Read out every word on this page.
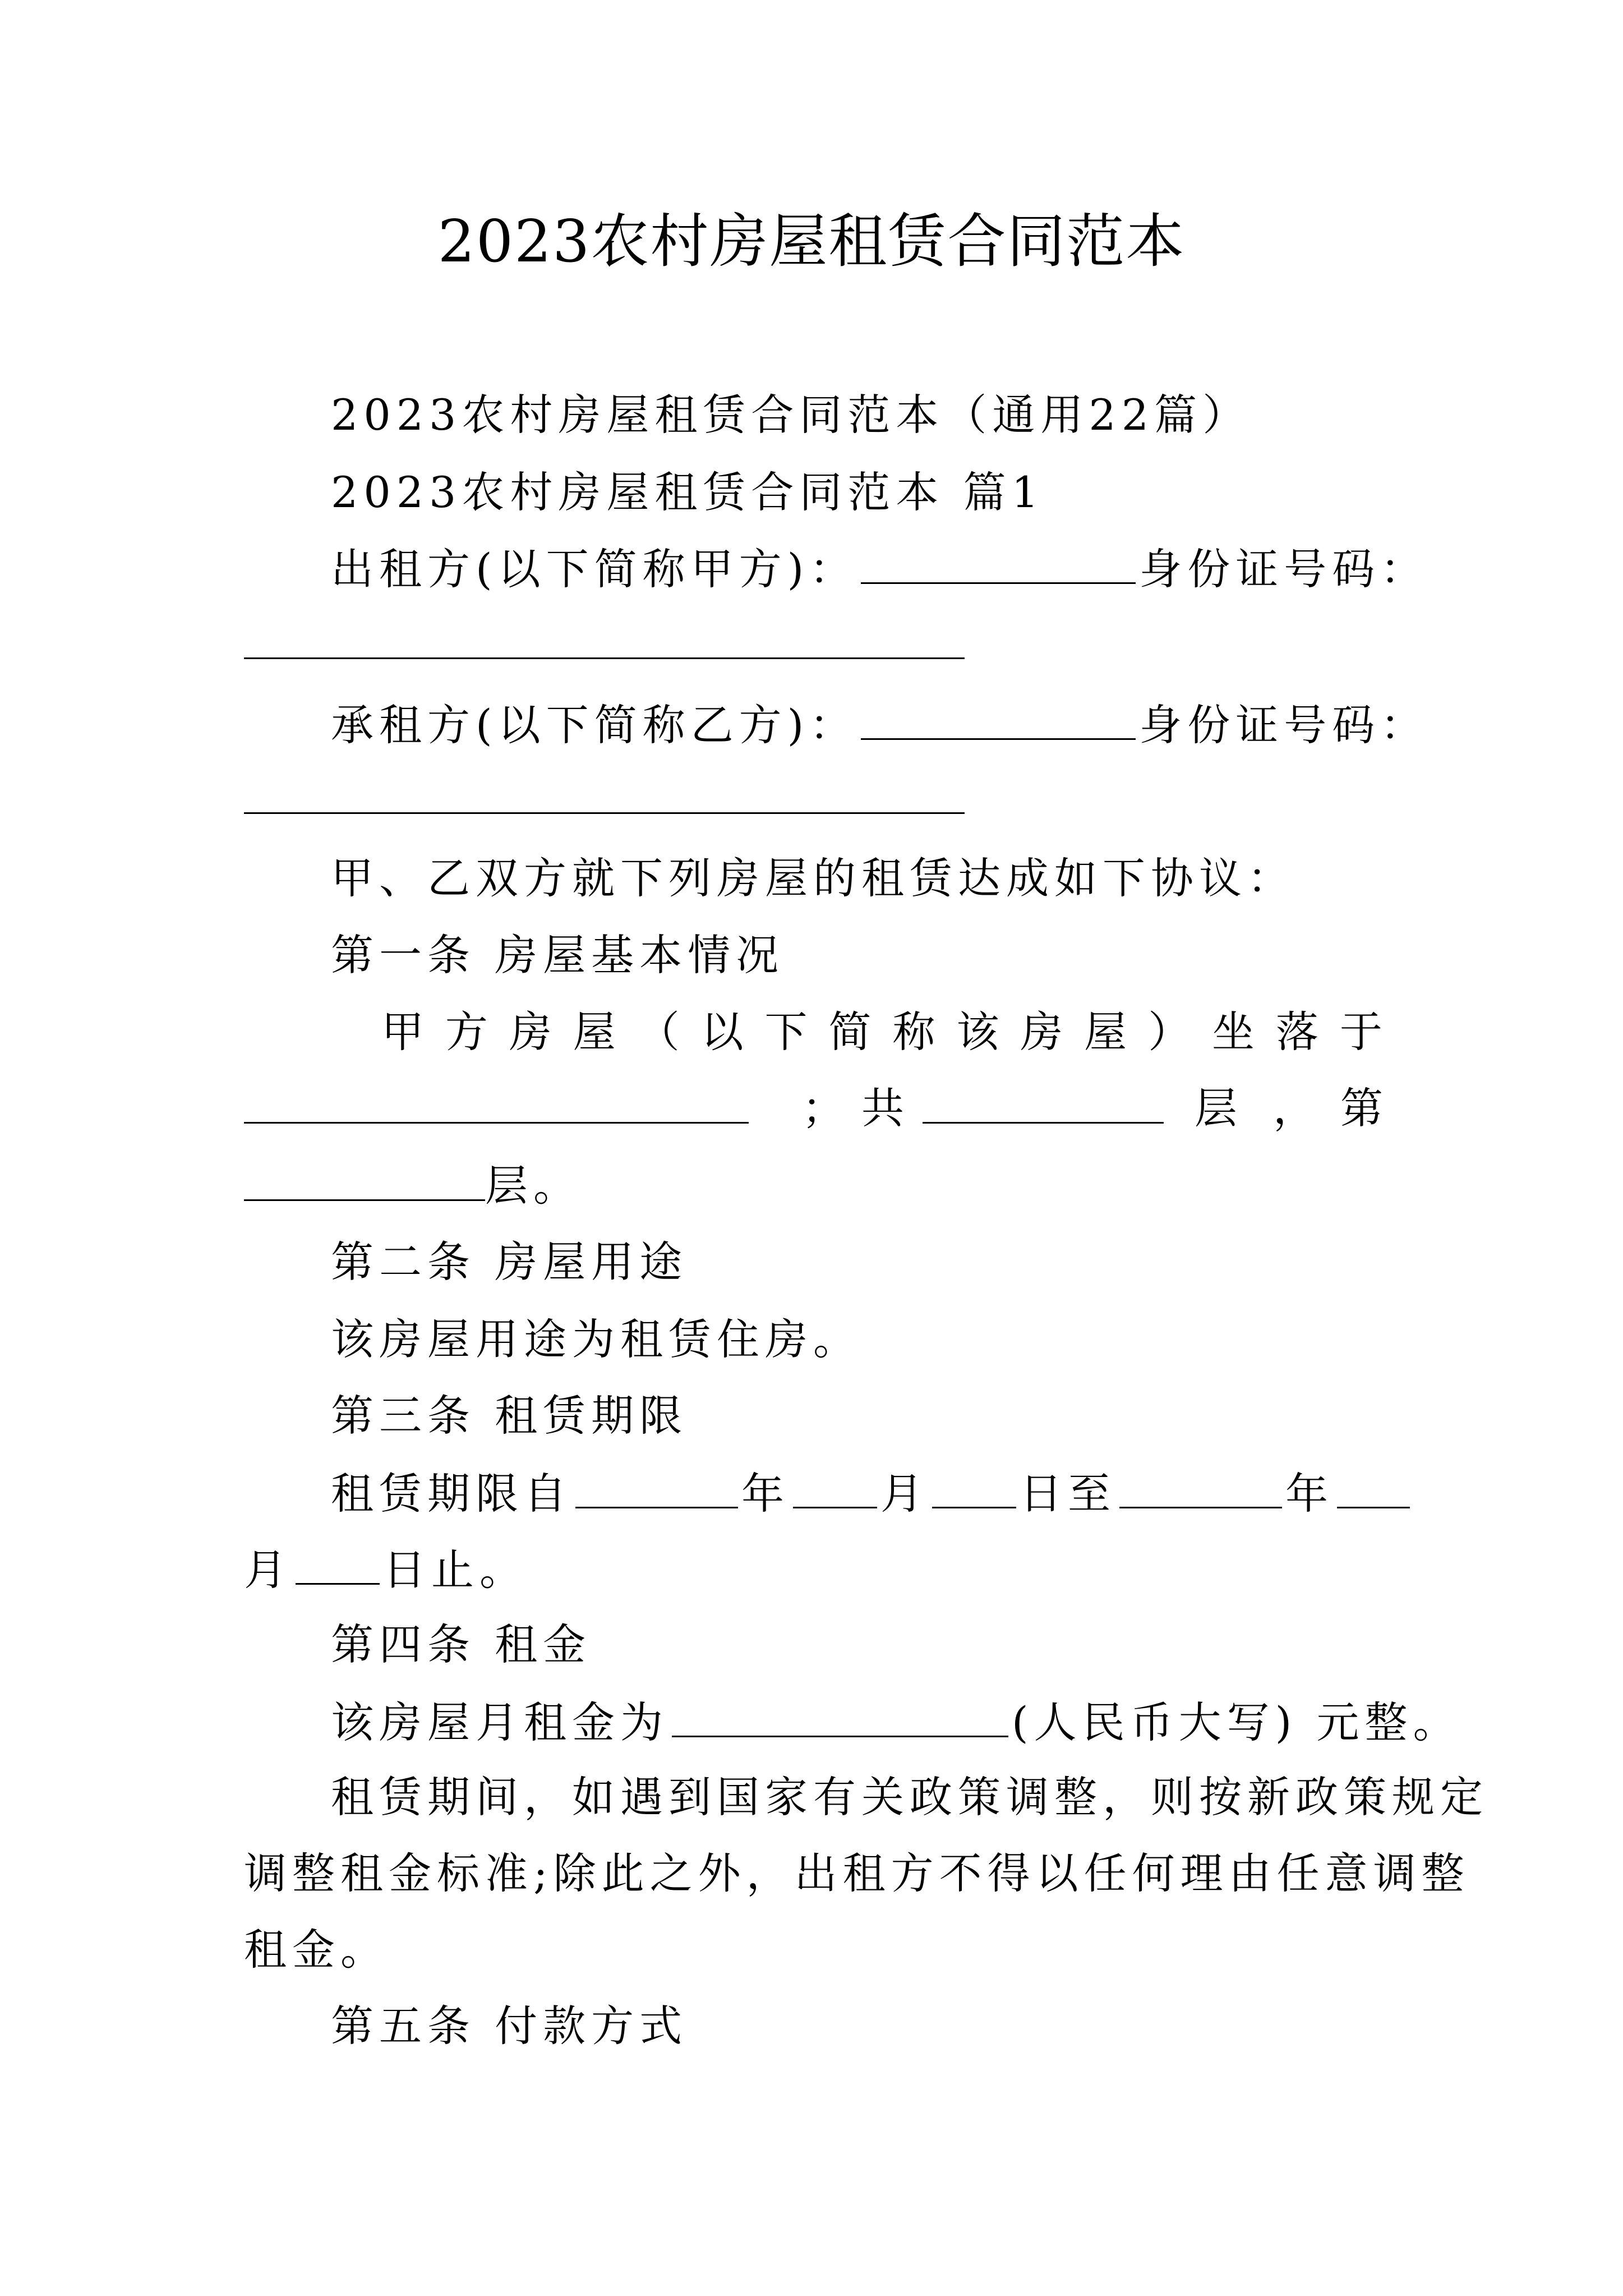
2023农村房屋租赁合同范本
2023农村房屋租赁合同范本（通用22篇）
2023农村房屋租赁合同范本 篇1
出租方(以下简称甲方)：	身份证号码：
承租方(以下简称乙方)：	身份证号码：
甲、乙双方就下列房屋的租赁达成如下协议：
第一条 房屋基本情况
甲 方 房 屋 （ 以 下 简 称 该 房 屋 ） 坐 落 于
；共	层 ， 第
层。
第二条 房屋用途
该房屋用途为租赁住房。
第三条 租赁期限
租赁期限自	年 月 日至	年
月 日止。
第四条 租金
该房屋月租金为	(人民币大写) 元整。
租赁期间，如遇到国家有关政策调整，则按新政策规定
调整租金标准;除此之外，出租方不得以任何理由任意调整
租金。
第五条 付款方式
